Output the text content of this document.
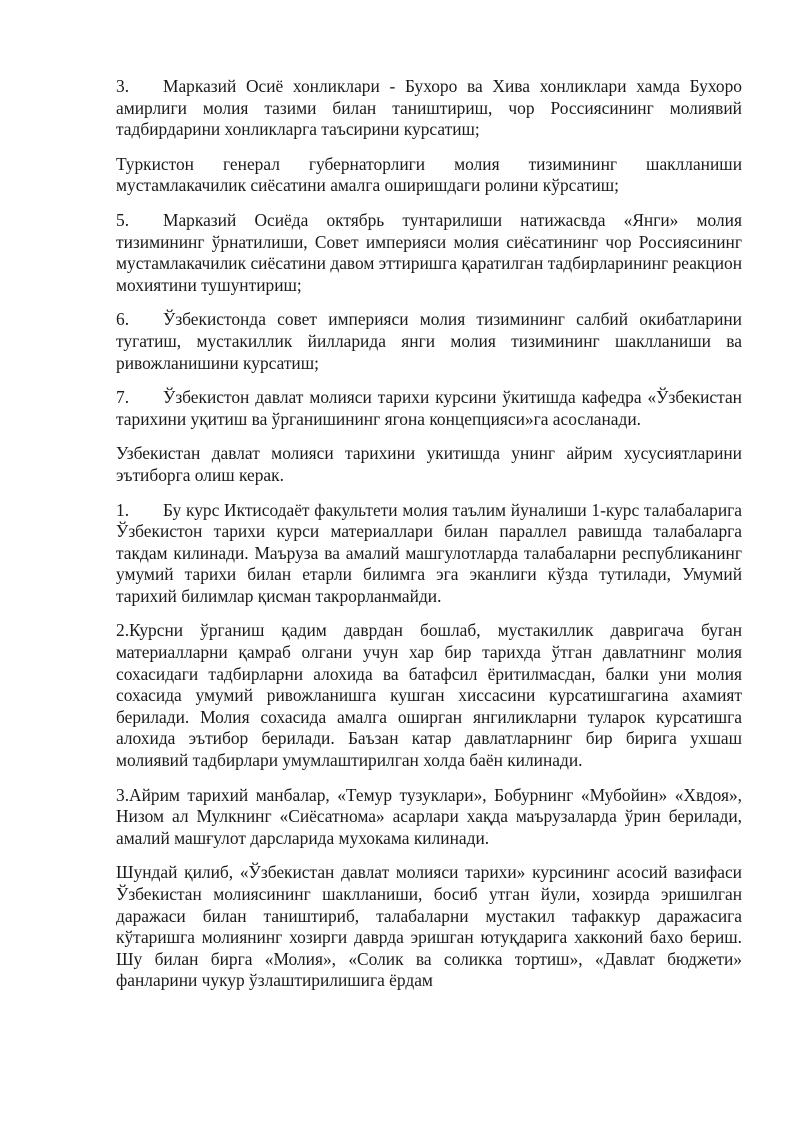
3. Марказий Осиё хонликлари - Бухоро ва Хива хонликлари хамда Бухоро амирлиги молия тазими билан таништириш, чор Россиясининг молиявий тадбирдарини хонликларга таъсирини курсатиш;

Туркистон генерал губернаторлиги молия тизимининг шаклланиши мустамлакачилик сиёсатини амалга оширишдаги ролини кўрсатиш;

5. Марказий Осиёда октябрь тунтарилиши натижасвда «Янги» молия тизимининг ўрнатилиши, Совет империяси молия сиёсатининг чор Россиясининг мустамлакачилик сиёсатини давом эттиришга қаратилган тадбирларининг реакцион мохиятини тушунтириш;

6. Ўзбекистонда совет империяси молия тизимининг салбий окибатларини тугатиш, мустакиллик йилларида янги молия тизимининг шаклланиши ва ривожланишини курсатиш;

7. Ўзбекистон давлат молияси тарихи курсини ўкитишда кафедра «Ўзбекистан тарихини уқитиш ва ўрганишининг ягона концепцияси»га асосланади.

Узбекистан давлат молияси тарихини укитишда унинг айрим хусусиятларини эътиборга олиш керак.

1. Бу курс Иктисодаёт факультети молия таълим йуналиши 1-курс талабаларига Ўзбекистон тарихи курси материаллари билан параллел равишда талабаларга такдам килинади. Маъруза ва амалий машгулотларда талабаларни республиканинг умумий тарихи билан етарли билимга эга эканлиги кўзда тутилади, Умумий тарихий билимлар қисман такрорланмайди.

2.Курсни ўрганиш қадим даврдан бошлаб, мустакиллик давригача буган материалларни қамраб олгани учун хар бир тарихда ўтган давлатнинг молия сохасидаги тадбирларни алохида ва батафсил ёритилмасдан, балки уни молия сохасида умумий ривожланишга кушган хиссасини курсатишгагина ахамият берилади. Молия сохасида амалга оширган янгиликларни туларок курсатишга алохида эътибор берилади. Баъзан катар давлатларнинг бир бирига ухшаш молиявий тадбирлари умумлаштирилган холда баён килинади.

3.Айрим тарихий манбалар, «Темур тузуклари», Бобурнинг «Мубойин» «Хвдоя», Низом ал Мулкнинг «Сиёсатнома» асарлари хақда маърузаларда ўрин берилади, амалий машғулот дарсларида мухокама килинади.

Шундай қилиб, «Ўзбекистан давлат молияси тарихи» курсининг асосий вазифаси Ўзбекистан молиясининг шаклланиши, босиб утган йули, хозирда эришилган даражаси билан таништириб, талабаларни мустакил тафаккур даражасига кўтаришга молиянинг хозирги даврда эришган ютуқдарига хакконий бахо бериш. Шу билан бирга «Молия», «Солик ва соликка тортиш», «Давлат бюджети» фанларини чукур ўзлаштирилишига ёрдам
